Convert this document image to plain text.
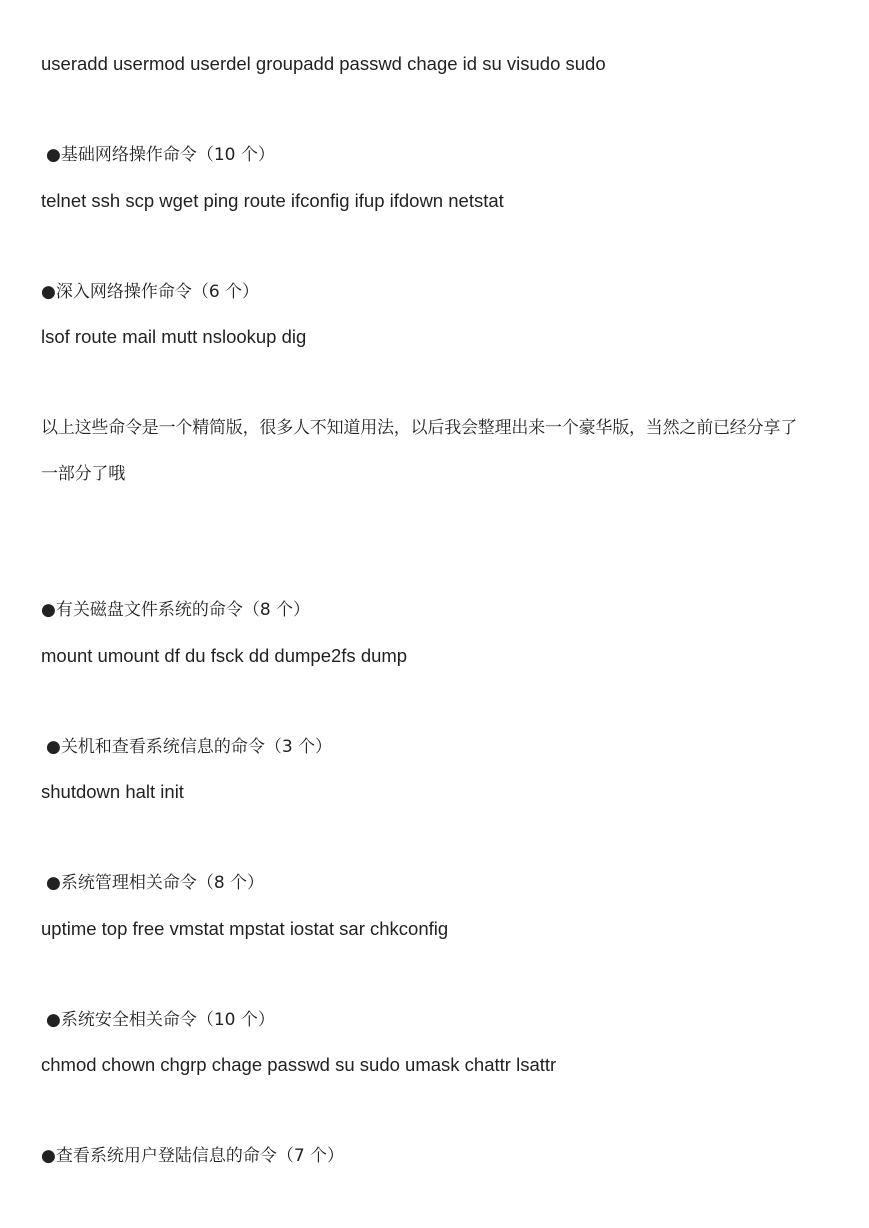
useradd usermod userdel groupadd passwd chage id su visudo sudo
●基础网络操作命令（10 个）
telnet ssh scp wget ping route ifconfig ifup ifdown netstat
●深入网络操作命令（6 个）
lsof route mail mutt nslookup dig
以上这些命令是一个精简版，很多人不知道用法，以后我会整理出来一个豪华版，当然之前已经分享了
一部分了哦
●有关磁盘文件系统的命令（8 个）
mount umount df du fsck dd dumpe2fs dump
●关机和查看系统信息的命令（3 个）
shutdown halt init
●系统管理相关命令（8 个）
uptime top free vmstat mpstat iostat sar chkconfig
●系统安全相关命令（10 个）
chmod chown chgrp chage passwd su sudo umask chattr lsattr
●查看系统用户登陆信息的命令（7 个）
